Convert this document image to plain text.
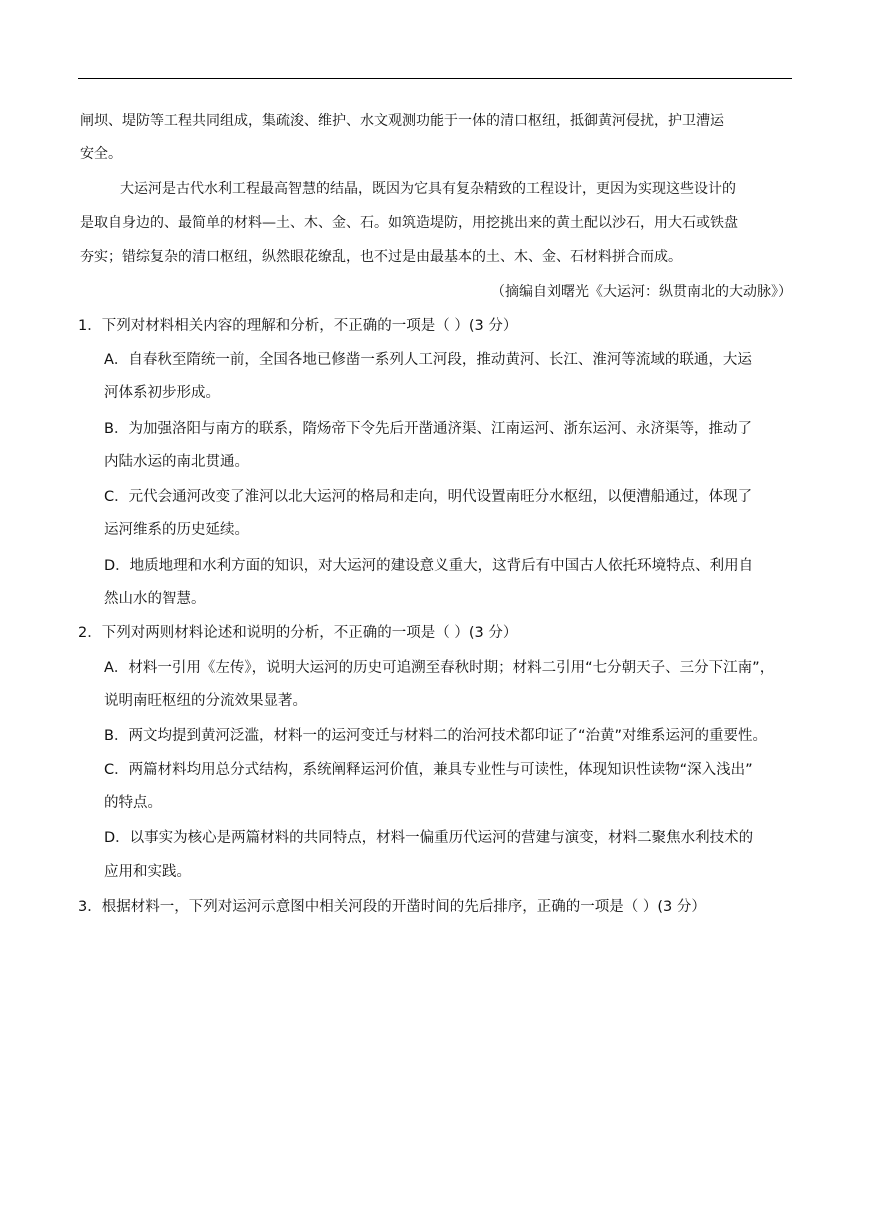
闸坝、堤防等工程共同组成，集疏浚、维护、水文观测功能于一体的清口枢纽，抵御黄河侵扰，护卫漕运

安全。

大运河是古代水利工程最高智慧的结晶，既因为它具有复杂精致的工程设计，更因为实现这些设计的

是取自身边的、最简单的材料—土、木、金、石。如筑造堤防，用挖挑出来的黄土配以沙石，用大石或铁盘

夯实；错综复杂的清口枢纽，纵然眼花缭乱，也不过是由最基本的土、木、金、石材料拼合而成。

（摘编自刘曙光《大运河：纵贯南北的大动脉》）

1．下列对材料相关内容的理解和分析，不正确的一项是（ ）(3 分）

A．自春秋至隋统一前，全国各地已修凿一系列人工河段，推动黄河、长江、淮河等流域的联通，大运

河体系初步形成。

B．为加强洛阳与南方的联系，隋炀帝下令先后开凿通济渠、江南运河、浙东运河、永济渠等，推动了

内陆水运的南北贯通。

C．元代会通河改变了淮河以北大运河的格局和走向，明代设置南旺分水枢纽，以便漕船通过，体现了

运河维系的历史延续。

D．地质地理和水利方面的知识，对大运河的建设意义重大，这背后有中国古人依托环境特点、利用自

然山水的智慧。

2．下列对两则材料论述和说明的分析，不正确的一项是（ ）(3 分）

A．材料一引用《左传》，说明大运河的历史可追溯至春秋时期；材料二引用“七分朝天子、三分下江南”，

说明南旺枢纽的分流效果显著。

B．两文均提到黄河泛滥，材料一的运河变迁与材料二的治河技术都印证了“治黄”对维系运河的重要性。

C．两篇材料均用总分式结构，系统阐释运河价值，兼具专业性与可读性，体现知识性读物“深入浅出”

的特点。

D．以事实为核心是两篇材料的共同特点，材料一偏重历代运河的营建与演变，材料二聚焦水利技术的

应用和实践。

3．根据材料一，下列对运河示意图中相关河段的开凿时间的先后排序，正确的一项是（ ）(3 分）
